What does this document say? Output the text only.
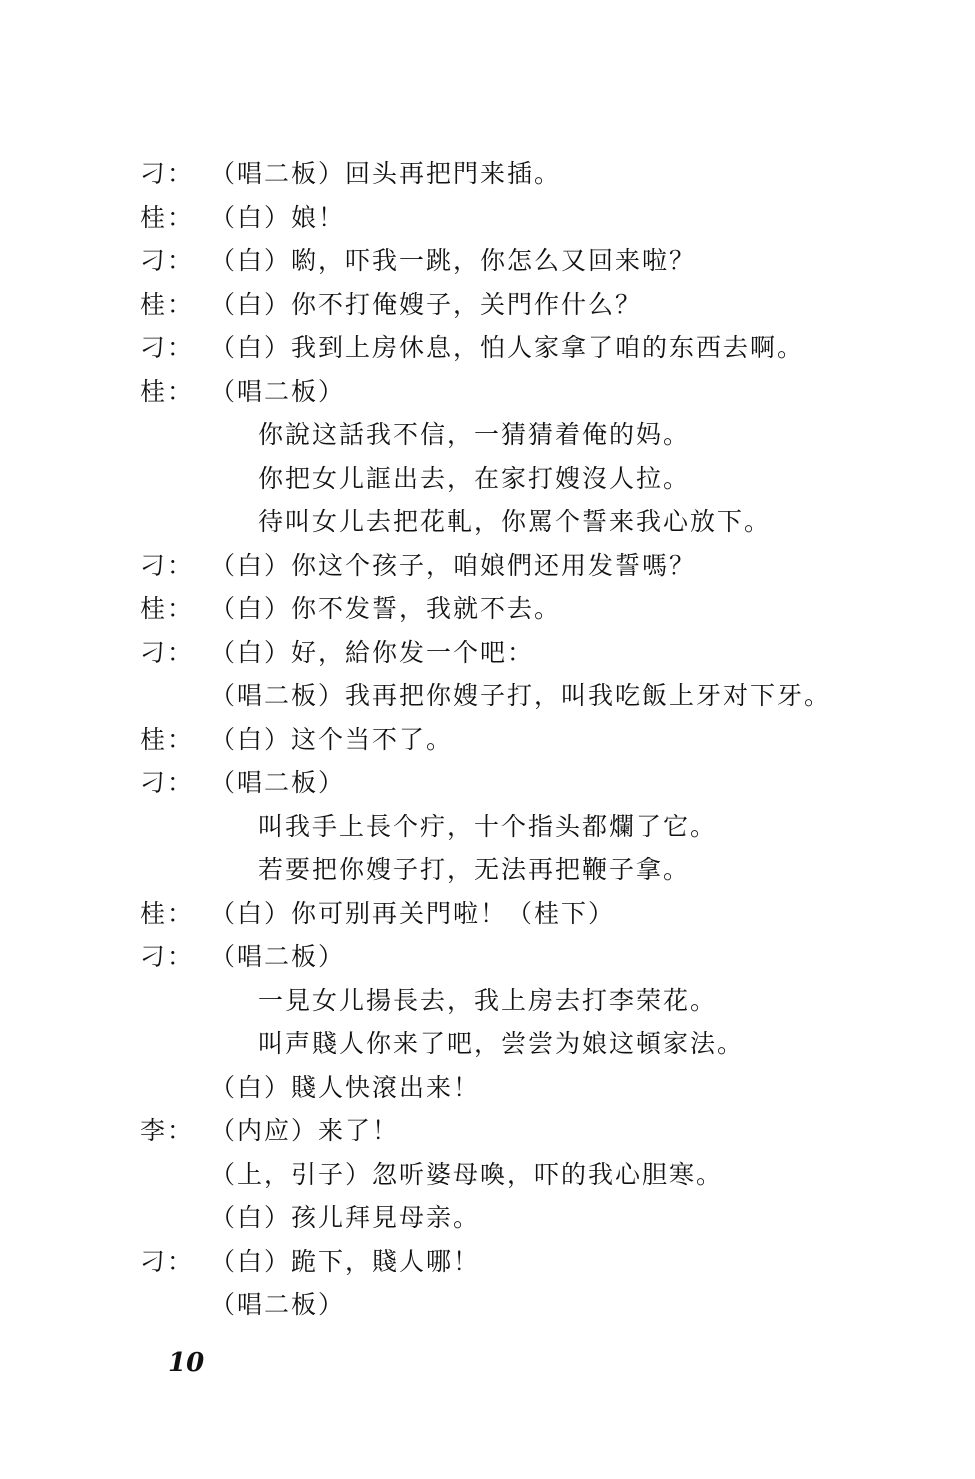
刁： （唱二板）回头再把門来插。
桂： （白）娘！
刁： （白）喲，吓我一跳，你怎么又回来啦？
桂： （白）你不打俺嫂子，关門作什么？
刁： （白）我到上房休息，怕人家拿了咱的东西去啊。
桂： （唱二板）
你說这話我不信，一猜猜着俺的妈。
你把女儿誆出去，在家打嫂沒人拉。
待叫女儿去把花軋，你罵个誓来我心放下。
刁： （白）你这个孩子，咱娘們还用发誓嗎？
桂： （白）你不发誓，我就不去。
刁： （白）好，給你发一个吧：
（唱二板）我再把你嫂子打，叫我吃飯上牙对下牙。
桂： （白）这个当不了。
刁： （唱二板）
叫我手上長个疔，十个指头都爛了它。
若要把你嫂子打，无法再把鞭子拿。
桂： （白）你可别再关門啦！（桂下）
刁： （唱二板）
一見女儿揚長去，我上房去打李荣花。
叫声賤人你来了吧，尝尝为娘这頓家法。
（白）賤人快滾出来！
李： （内应）来了！
（上，引子）忽听婆母喚，吓的我心胆寒。
（白）孩儿拜見母亲。
刁： （白）跪下，賤人哪！
（唱二板）
10
